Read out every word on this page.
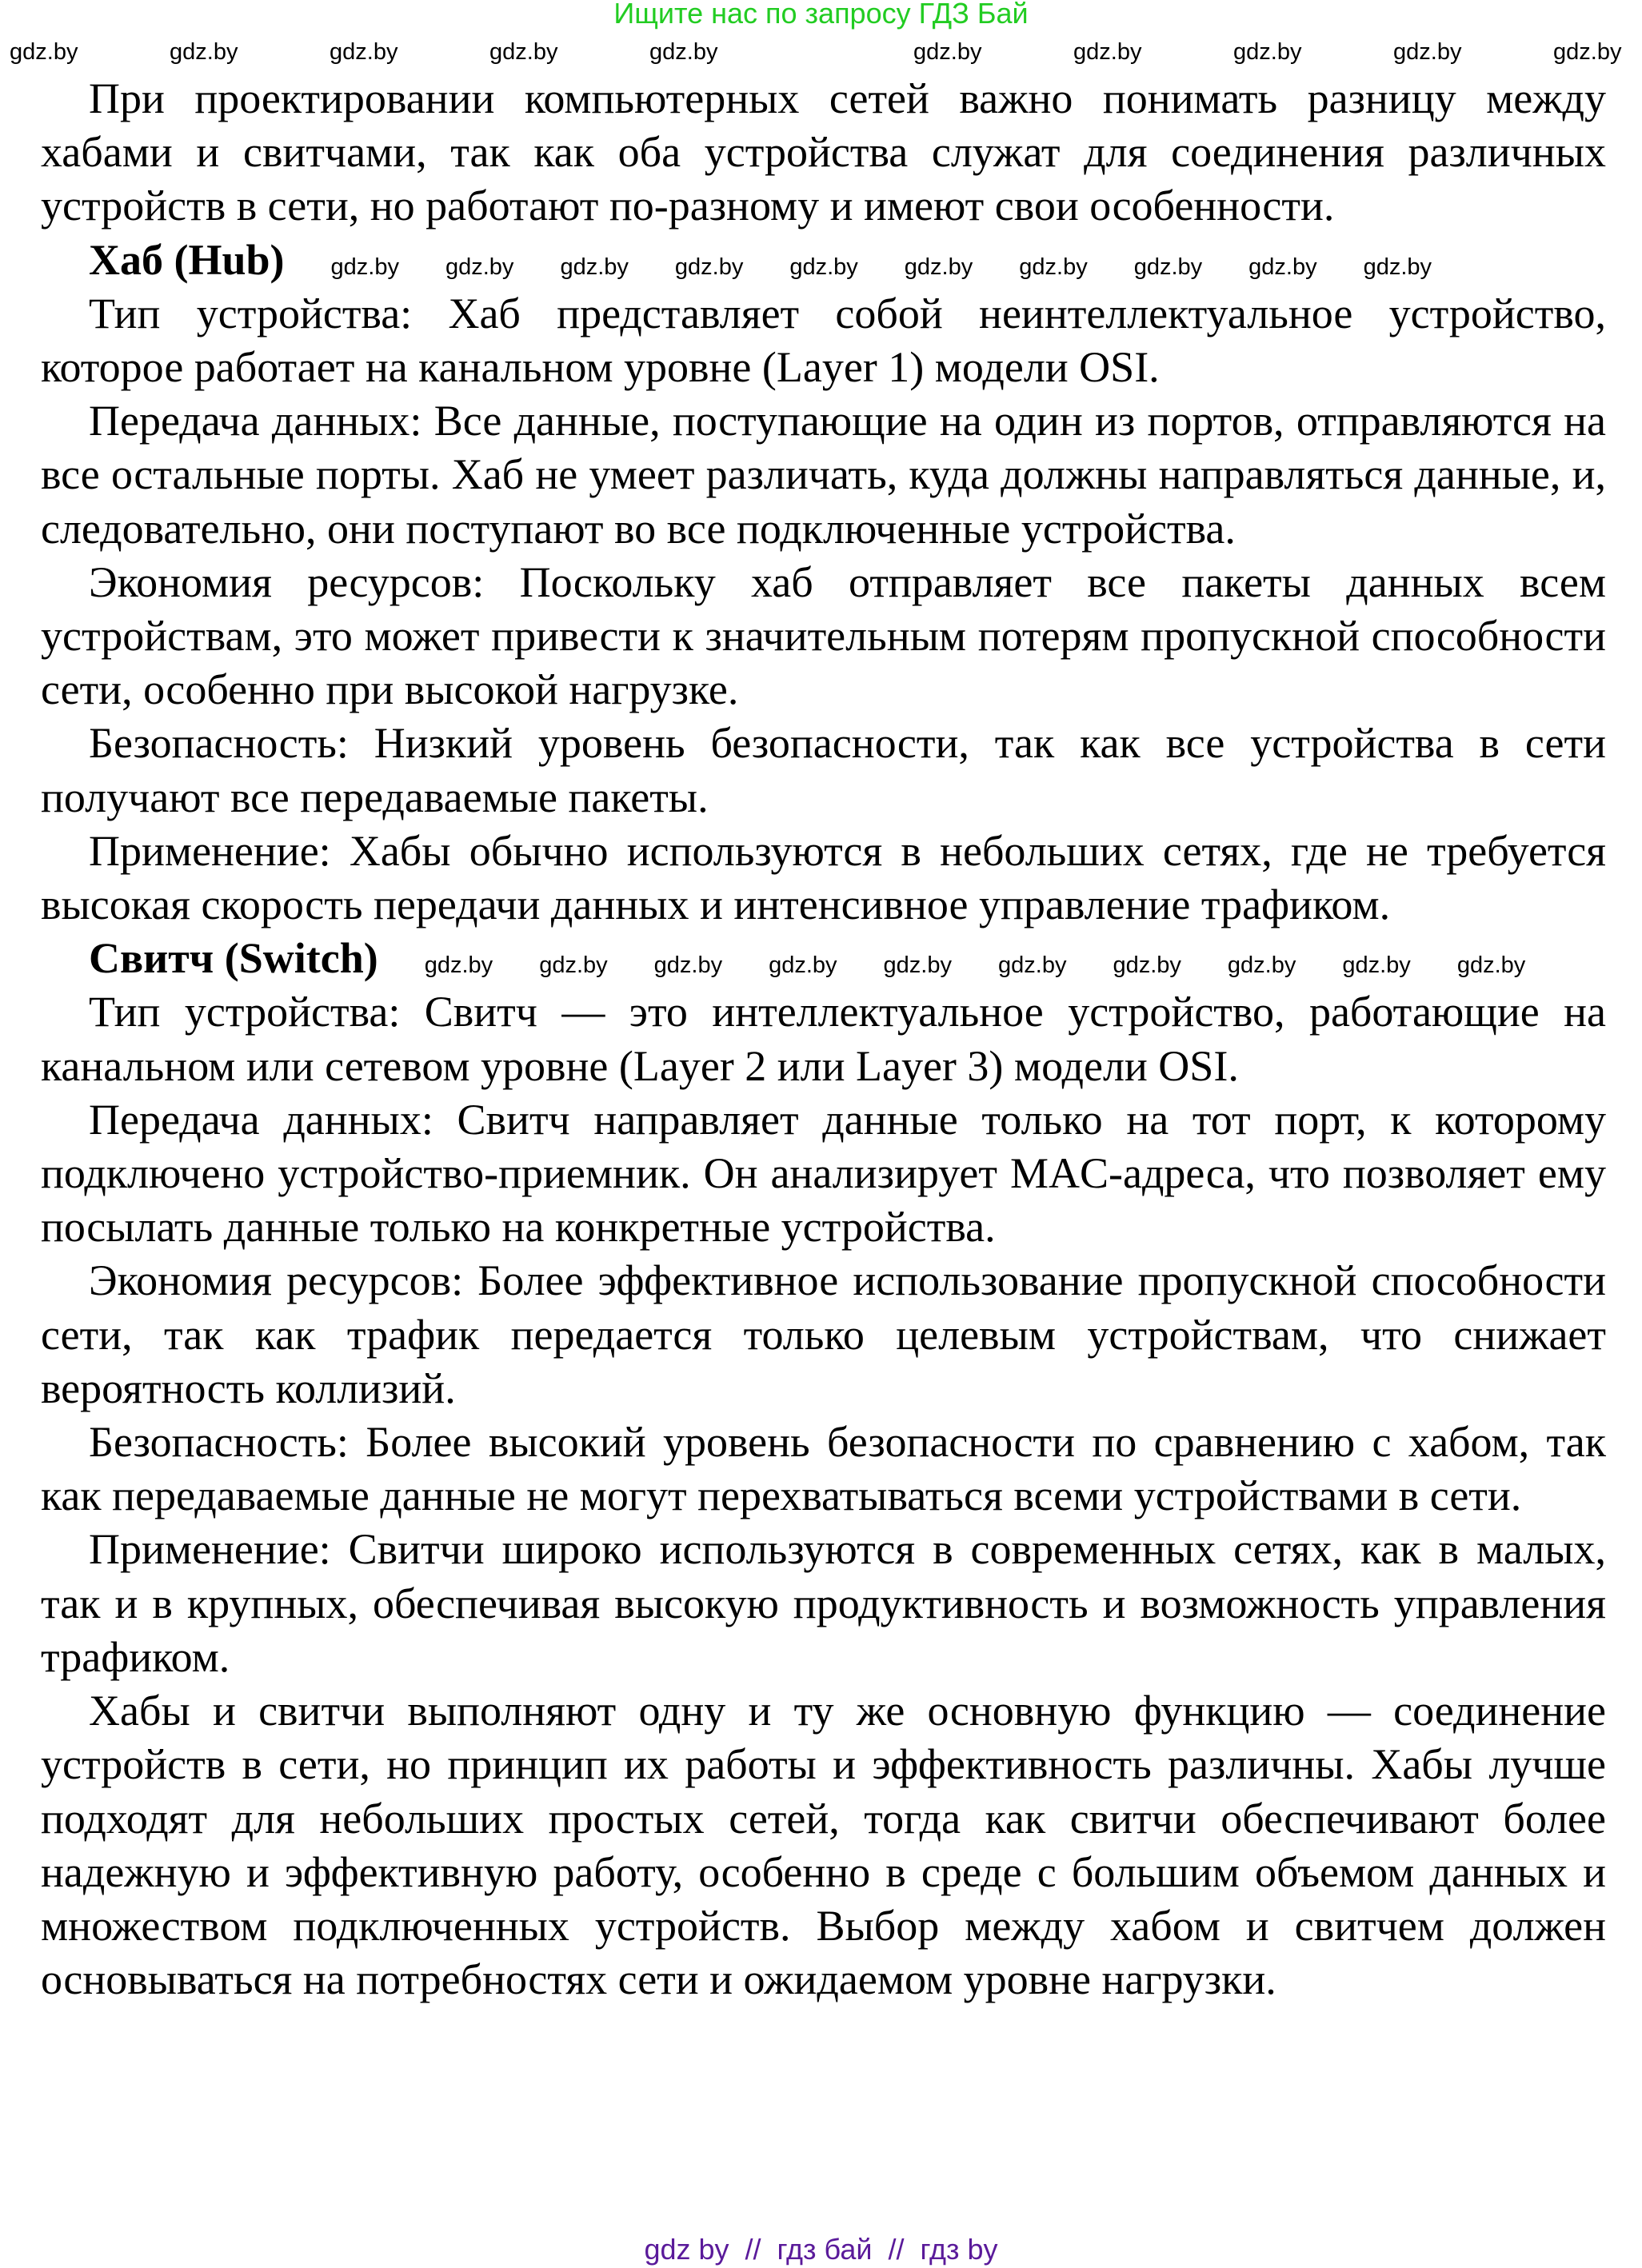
Ищите нас по запросу ГДЗ Бай
gdz.by	gdz.by	gdz.by	gdz.by	gdz.by	gdz.by	gdz.by	gdz.by	gdz.by	gdz.by

При проектировании компьютерных сетей важно понимать разницу между хабами и свитчами, так как оба устройства служат для соединения различных устройств в сети, но работают по-разному и имеют свои особенности.

Хаб (Hub) gdz.by gdz.by gdz.by gdz.by gdz.by gdz.by gdz.by gdz.by gdz.by gdz.by

Тип устройства: Хаб представляет собой неинтеллектуальное устройство, которое работает на канальном уровне (Layer 1) модели OSI.

Передача данных: Все данные, поступающие на один из портов, отправляются на все остальные порты. Хаб не умеет различать, куда должны направляться данные, и, следовательно, они поступают во все подключенные устройства.

Экономия ресурсов: Поскольку хаб отправляет все пакеты данных всем устройствам, это может привести к значительным потерям пропускной способности сети, особенно при высокой нагрузке.

Безопасность: Низкий уровень безопасности, так как все устройства в сети получают все передаваемые пакеты.

Применение: Хабы обычно используются в небольших сетях, где не требуется высокая скорость передачи данных и интенсивное управление трафиком.

Свитч (Switch) gdz.by gdz.by gdz.by gdz.by gdz.by gdz.by gdz.by gdz.by gdz.by gdz.by

Тип устройства: Свитч — это интеллектуальное устройство, работающие на канальном или сетевом уровне (Layer 2 или Layer 3) модели OSI.

Передача данных: Свитч направляет данные только на тот порт, к которому подключено устройство-приемник. Он анализирует MAC-адреса, что позволяет ему посылать данные только на конкретные устройства.

Экономия ресурсов: Более эффективное использование пропускной способности сети, так как трафик передается только целевым устройствам, что снижает вероятность коллизий.

Безопасность: Более высокий уровень безопасности по сравнению с хабом, так как передаваемые данные не могут перехватываться всеми устройствами в сети.

Применение: Свитчи широко используются в современных сетях, как в малых, так и в крупных, обеспечивая высокую продуктивность и возможность управления трафиком.

Хабы и свитчи выполняют одну и ту же основную функцию — соединение устройств в сети, но принцип их работы и эффективность различны. Хабы лучше подходят для небольших простых сетей, тогда как свитчи обеспечивают более надежную и эффективную работу, особенно в среде с большим объемом данных и множеством подключенных устройств. Выбор между хабом и свитчем должен основываться на потребностях сети и ожидаемом уровне нагрузки.

gdz by  //  гдз бай  //  гдз by
